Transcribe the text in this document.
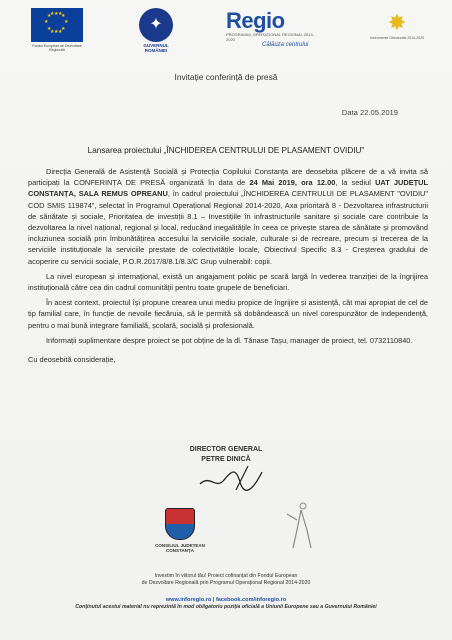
★ ★
★
★
★
★
★
★
★ ★
★
★
Fondul European de Dezvoltare Regională
✦
GUVERNUL ROMÂNIEI
Regio
PROGRAMUL OPERAȚIONAL REGIONAL 2014-2020
Călăuza centrului
✸
Instrumente Structurale 2014-2020
Invitație conferință de presă
Data 22.05.2019
Lansarea proiectului „ÎNCHIDEREA CENTRULUI DE PLASAMENT OVIDIU"

Direcția Generală de Asistență Socială și Protecția Copilului Constanța are deosebita plăcere de a vă invita să participați la CONFERINȚA DE PRESĂ organizată în data de 24 Mai 2019, ora 12.00, la sediul UAT JUDEȚUL CONSTANȚA, SALA REMUS OPREANU, în cadrul proiectului „ÎNCHIDEREA CENTRULUI DE PLASAMENT "OVIDIU" COD SMIS 119874", selectat în Programul Operațional Regional 2014-2020, Axa prioritară 8 - Dezvoltarea infrastructurii de sănătate și sociale, Prioritatea de investiții 8.1 – Investițiile în infrastructurile sanitare și sociale care contribuie la dezvoltarea la nivel național, regional și local, reducând inegalitățile în ceea ce privește starea de sănătate și promovând incluziunea socială prin îmbunătățirea accesului la serviciile sociale, culturale și de recreare, precum și trecerea de la serviciile instituționale la serviciile prestate de colectivitățile locale, Obiectivul Specific 8.3 - Creșterea gradului de acoperire cu servicii sociale, P.O.R.2017/8/8.1/8.3/C Grup vulnerabil: copii.

La nivel european și internațional, există un angajament politic pe scară largă în vederea tranziției de la îngrijirea instituțională către cea din cadrul comunității pentru toate grupele de beneficiari.

În acest context, proiectul își propune crearea unui mediu propice de îngrijire și asistență, cât mai apropiat de cel de tip familial care, în funcție de nevoile fiecăruia, să le permită să dobândească un nivel corespunzător de independență, pentru o mai bună integrare familială, școlară, socială și profesională.

Informații suplimentare despre proiect se pot obține de la dl. Tănase Tașu, manager de proiect, tel. 0732110840.

Cu deosebită considerație,

DIRECTOR GENERAL
PETRE DINICĂ
CONSILIUL JUDEȚEAN CONSTANȚA
Investim în viitorul tău! Proiect cofinanțat din Fondul European
de Dezvoltare Regională prin Programul Operațional Regional 2014-2020
www.inforegio.ro | facebook.com/inforegio.ro
Conținutul acestui material nu reprezintă în mod obligatoriu poziția oficială a Uniunii Europene sau a Guvernului României
